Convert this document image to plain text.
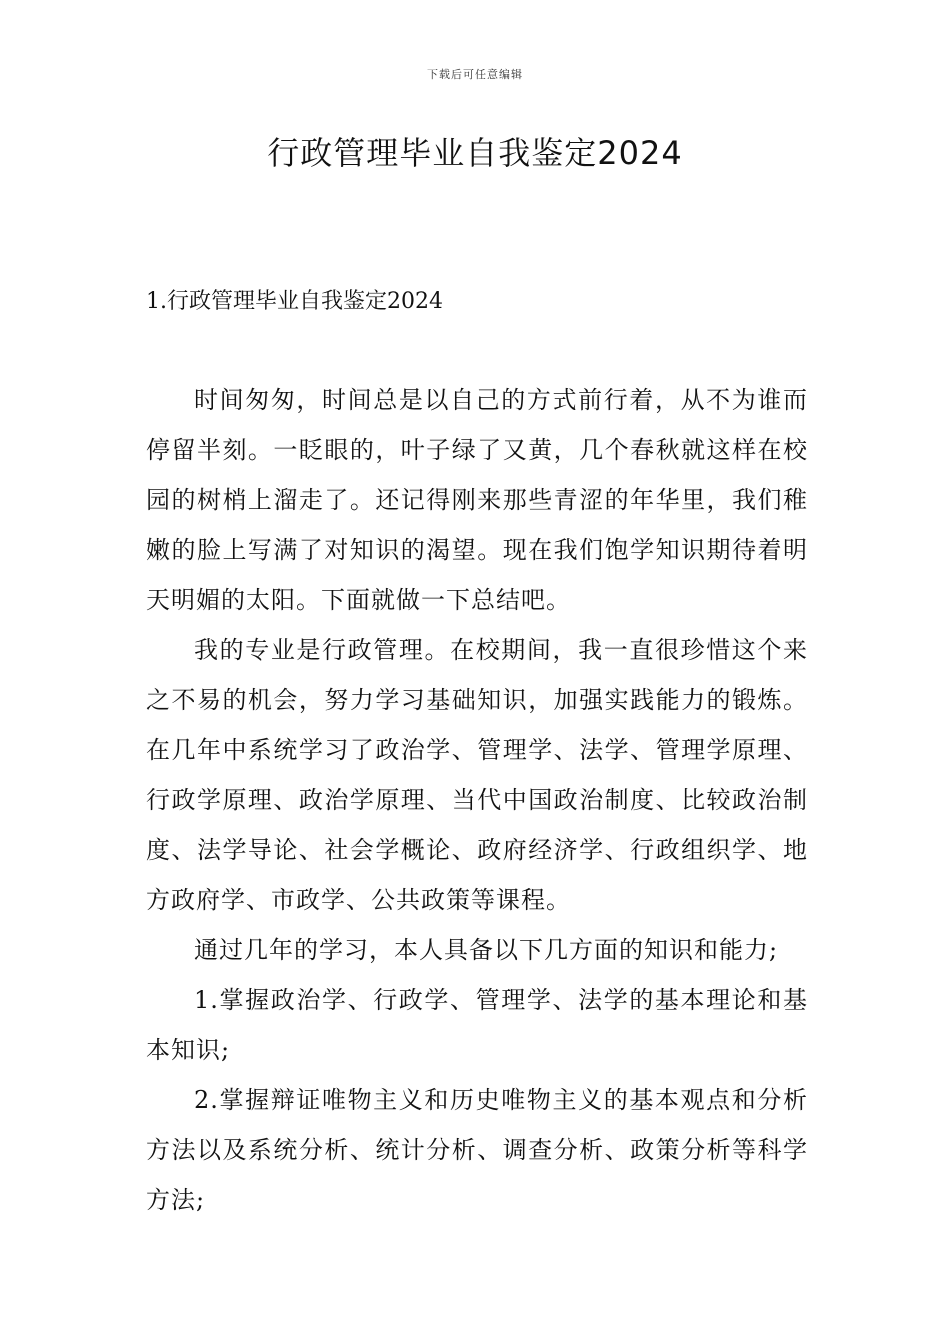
下载后可任意编辑
行政管理毕业自我鉴定2024
1.行政管理毕业自我鉴定2024

时间匆匆，时间总是以自己的方式前行着，从不为谁而停留半刻。一眨眼的，叶子绿了又黄，几个春秋就这样在校园的树梢上溜走了。还记得刚来那些青涩的年华里，我们稚嫩的脸上写满了对知识的渴望。现在我们饱学知识期待着明天明媚的太阳。下面就做一下总结吧。

我的专业是行政管理。在校期间，我一直很珍惜这个来之不易的机会，努力学习基础知识，加强实践能力的锻炼。在几年中系统学习了政治学、管理学、法学、管理学原理、行政学原理、政治学原理、当代中国政治制度、比较政治制度、法学导论、社会学概论、政府经济学、行政组织学、地方政府学、市政学、公共政策等课程。

通过几年的学习，本人具备以下几方面的知识和能力;

1.掌握政治学、行政学、管理学、法学的基本理论和基本知识;

2.掌握辩证唯物主义和历史唯物主义的基本观点和分析方法以及系统分析、统计分析、调查分析、政策分析等科学方法;
